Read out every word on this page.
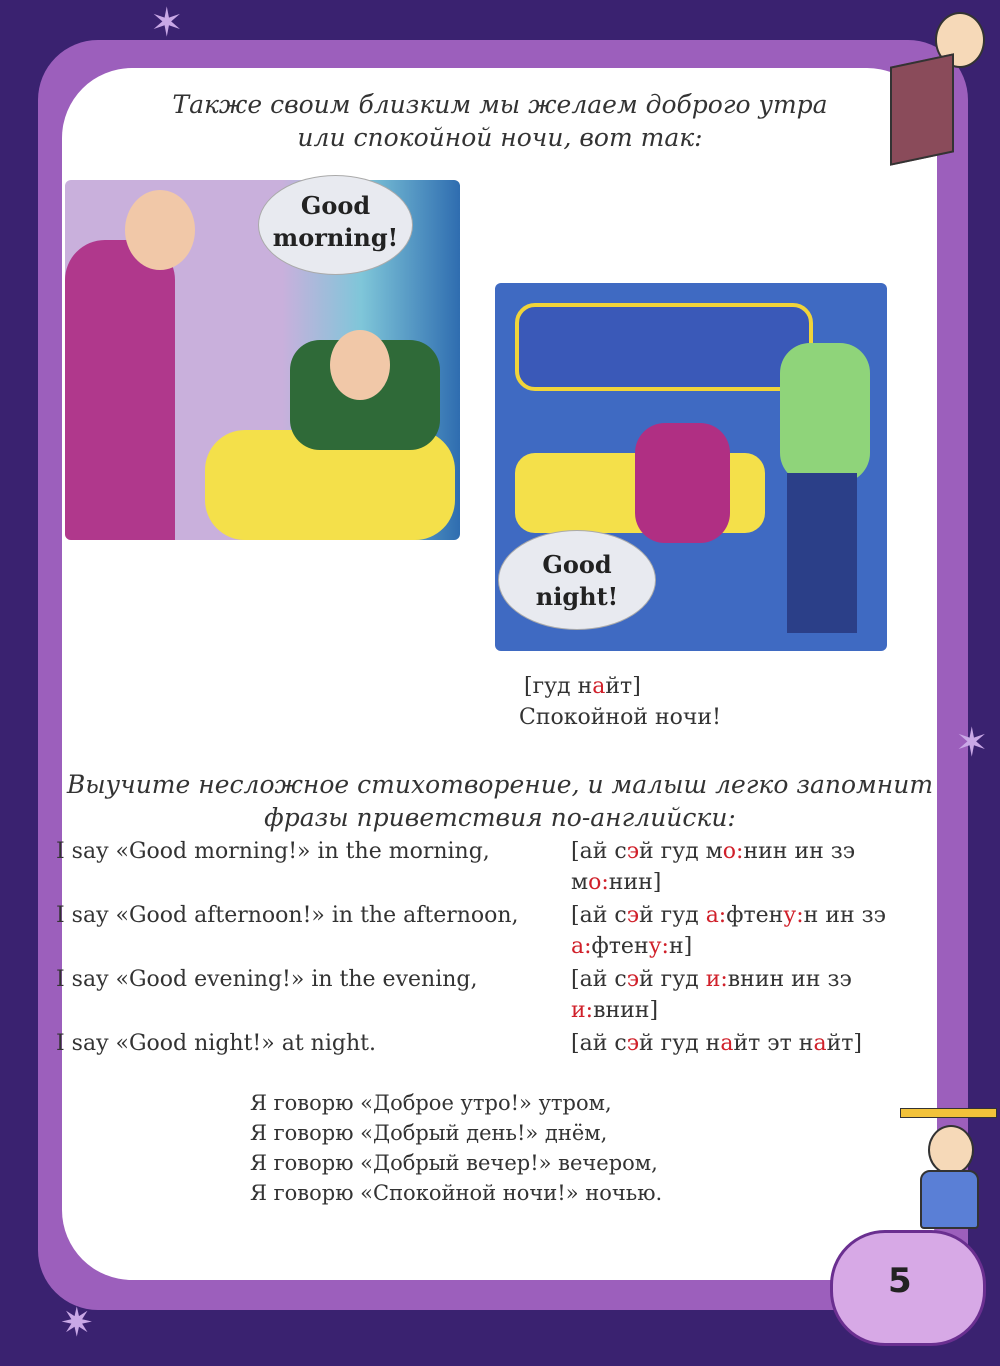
✶
✷
✶
Также своим близким мы желаем доброго утра
или спокойной ночи, вот так:
Good
morning!
Good
night!
[гуд найт]
Спокойной ночи!
Выучите несложное стихотворение, и малыш легко запомнит
фразы приветствия по-английски:
I say «Good morning!» in the morning,	[ай сэй гуд мо:нин ин зэ
мо:нин]
I say «Good afternoon!» in the afternoon, [ай сэй гуд а:фтену:н ин зэ
а:фтену:н]
I say «Good evening!» in the evening,	[ай сэй гуд и:внин ин зэ
и:внин]
I say «Good night!» at night.	[ай сэй гуд найт эт найт]
Я говорю «Доброе утро!» утром,
Я говорю «Добрый день!» днём,
Я говорю «Добрый вечер!» вечером,
Я говорю «Спокойной ночи!» ночью.
5
